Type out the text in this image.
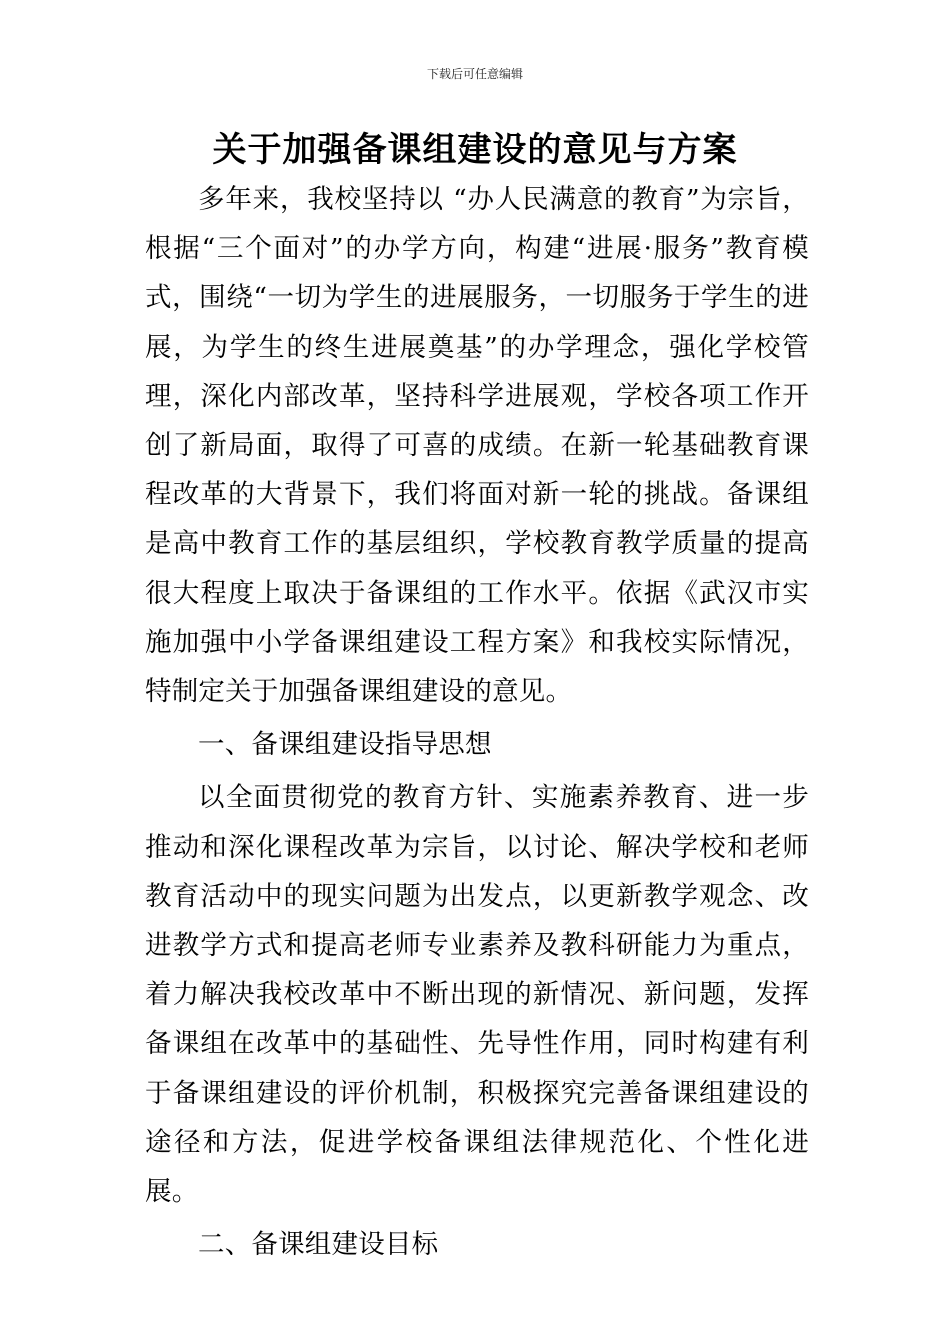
下载后可任意编辑
关于加强备课组建设的意见与方案

多年来，我校坚持以 “办人民满意的教育”为宗旨，根据“三个面对”的办学方向，构建“进展·服务”教育模式，围绕“一切为学生的进展服务，一切服务于学生的进展，为学生的终生进展奠基”的办学理念，强化学校管理，深化内部改革，坚持科学进展观，学校各项工作开创了新局面，取得了可喜的成绩。在新一轮基础教育课程改革的大背景下，我们将面对新一轮的挑战。备课组是高中教育工作的基层组织，学校教育教学质量的提高很大程度上取决于备课组的工作水平。依据《武汉市实施加强中小学备课组建设工程方案》和我校实际情况，特制定关于加强备课组建设的意见。

一、备课组建设指导思想

以全面贯彻党的教育方针、实施素养教育、进一步推动和深化课程改革为宗旨，以讨论、解决学校和老师教育活动中的现实问题为出发点，以更新教学观念、改进教学方式和提高老师专业素养及教科研能力为重点，着力解决我校改革中不断出现的新情况、新问题，发挥备课组在改革中的基础性、先导性作用，同时构建有利于备课组建设的评价机制，积极探究完善备课组建设的途径和方法，促进学校备课组法律规范化、个性化进展。

二、备课组建设目标
